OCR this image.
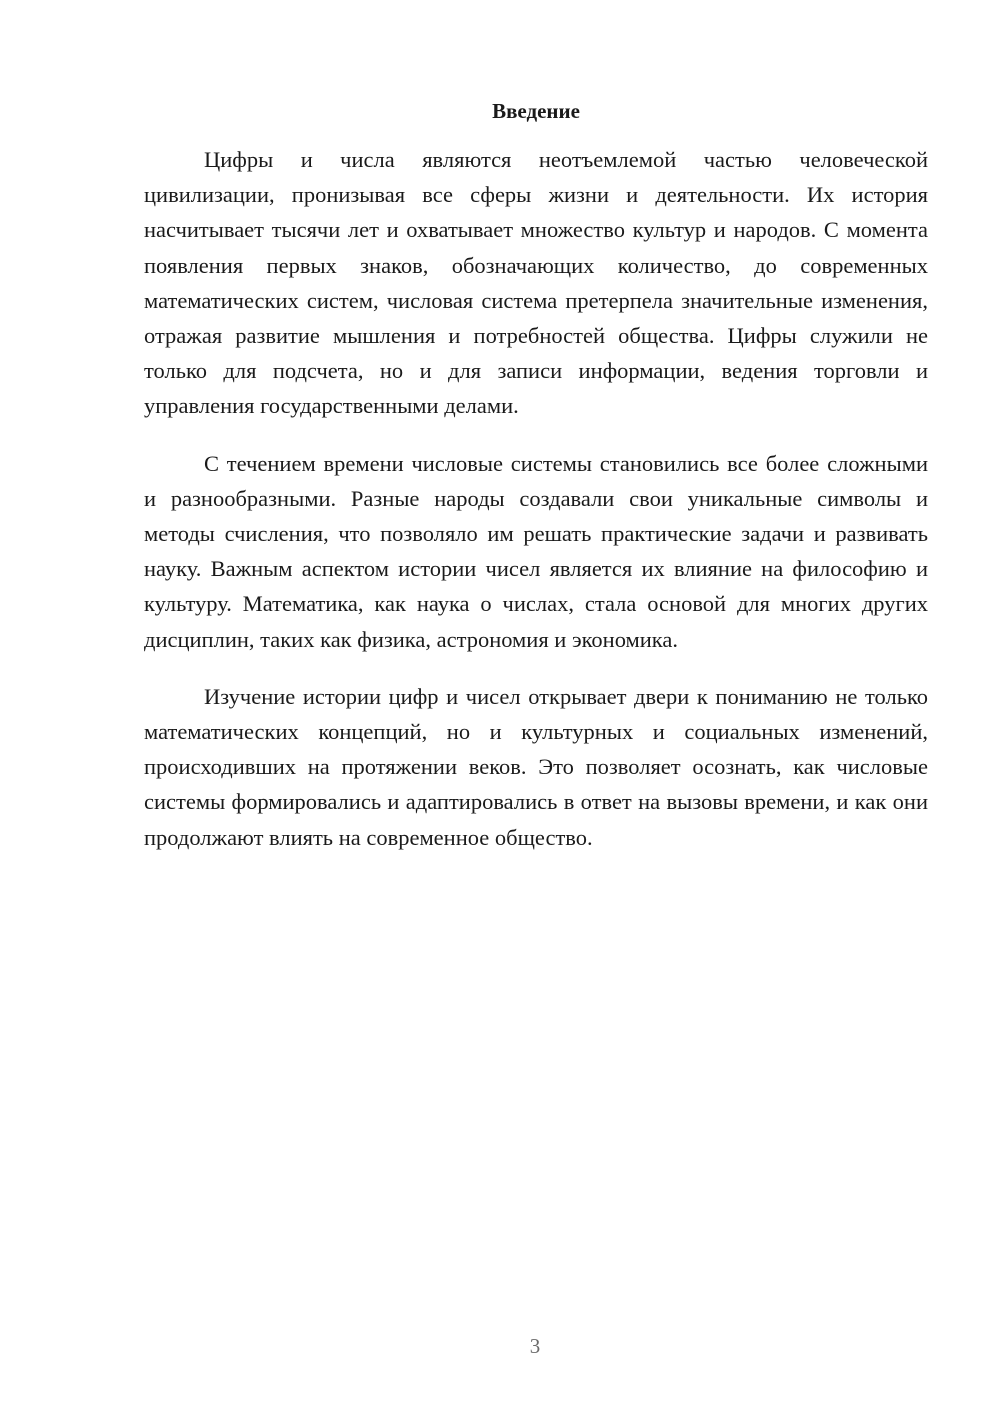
Введение

Цифры и числа являются неотъемлемой частью человеческой цивилизации, пронизывая все сферы жизни и деятельности. Их история насчитывает тысячи лет и охватывает множество культур и народов. С момента появления первых знаков, обозначающих количество, до современных математических систем, числовая система претерпела значительные изменения, отражая развитие мышления и потребностей общества. Цифры служили не только для подсчета, но и для записи информации, ведения торговли и управления государственными делами.

С течением времени числовые системы становились все более сложными и разнообразными. Разные народы создавали свои уникальные символы и методы счисления, что позволяло им решать практические задачи и развивать науку. Важным аспектом истории чисел является их влияние на философию и культуру. Математика, как наука о числах, стала основой для многих других дисциплин, таких как физика, астрономия и экономика.

Изучение истории цифр и чисел открывает двери к пониманию не только математических концепций, но и культурных и социальных изменений, происходивших на протяжении веков. Это позволяет осознать, как числовые системы формировались и адаптировались в ответ на вызовы времени, и как они продолжают влиять на современное общество.

3
